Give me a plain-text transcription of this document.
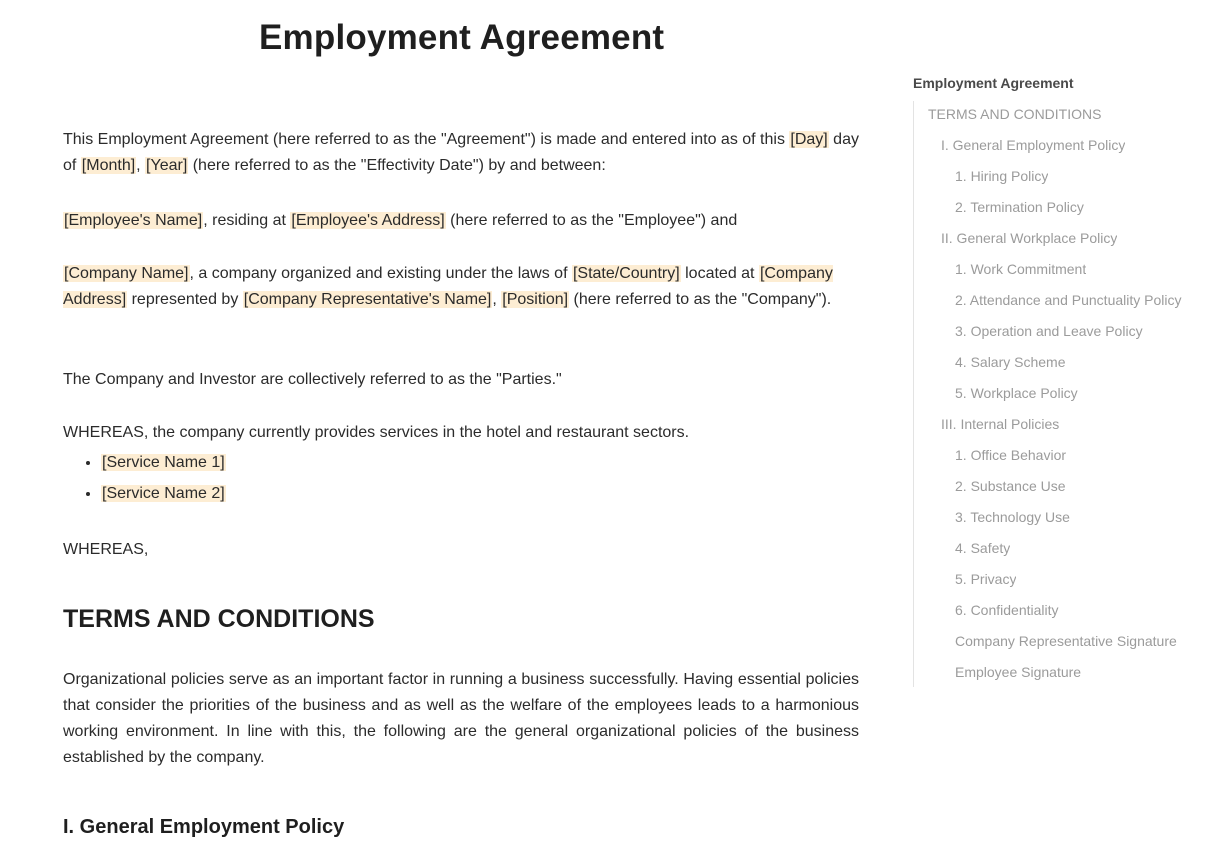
Employment Agreement
This Employment Agreement (here referred to as the "Agreement") is made and entered into as of this [Day] day of [Month], [Year] (here referred to as the "Effectivity Date") by and between:
[Employee's Name], residing at [Employee's Address] (here referred to as the "Employee") and
[Company Name], a company organized and existing under the laws of [State/Country] located at [Company Address] represented by [Company Representative's Name], [Position] (here referred to as the "Company").
The Company and Investor are collectively referred to as the "Parties."
WHEREAS, the company currently provides services in the hotel and restaurant sectors.
• [Service Name 1]
• [Service Name 2]
WHEREAS,
TERMS AND CONDITIONS
Organizational policies serve as an important factor in running a business successfully. Having essential policies that consider the priorities of the business and as well as the welfare of the employees leads to a harmonious working environment. In line with this, the following are the general organizational policies of the business established by the company.
I. General Employment Policy
Employment Agreement
TERMS AND CONDITIONS
I. General Employment Policy
1. Hiring Policy
2. Termination Policy
II. General Workplace Policy
1. Work Commitment
2. Attendance and Punctuality Policy
3. Operation and Leave Policy
4. Salary Scheme
5. Workplace Policy
III. Internal Policies
1. Office Behavior
2. Substance Use
3. Technology Use
4. Safety
5. Privacy
6. Confidentiality
Company Representative Signature
Employee Signature
